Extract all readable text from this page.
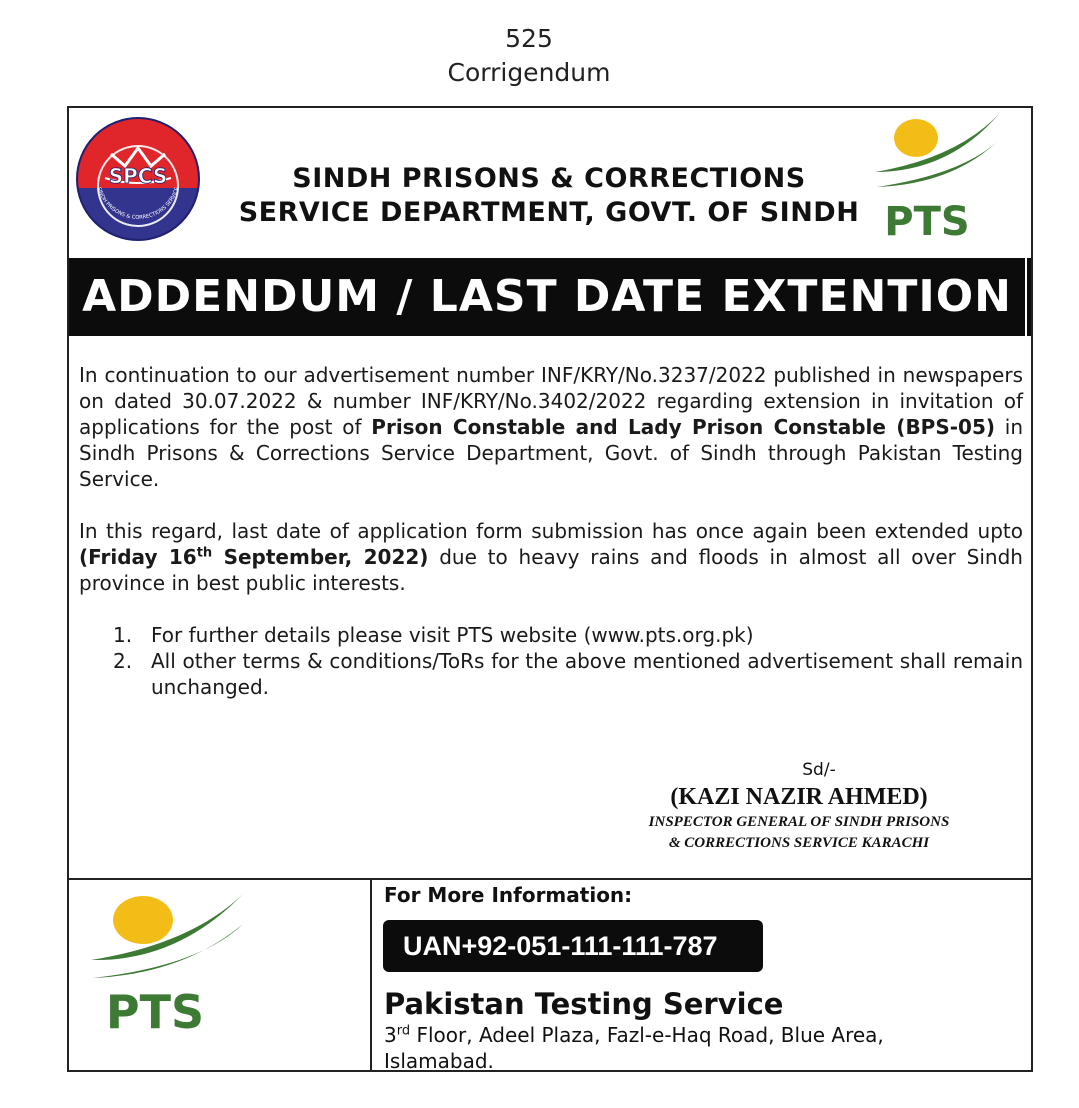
525
Corrigendum
SPCS
SINDH PRISONS & CORRECTIONS SERVICE	SINDH PRISONS & CORRECTIONS
SERVICE DEPARTMENT, GOVT. OF SINDH PTS
ADDENDUM / LAST DATE EXTENTION

In continuation to our advertisement number INF/KRY/No.3237/2022 published in newspapers on dated 30.07.2022 & number INF/KRY/No.3402/2022 regarding extension in invitation of applications for the post of Prison Constable and Lady Prison Constable (BPS-05) in Sindh Prisons & Corrections Service Department, Govt. of Sindh through Pakistan Testing Service.

In this regard, last date of application form submission has once again been extended upto (Friday 16th September, 2022) due to heavy rains and floods in almost all over Sindh province in best public interests.

1. For further details please visit PTS website (www.pts.org.pk)
2. All other terms & conditions/ToRs for the above mentioned advertisement shall remain unchanged.
Sd/-
(KAZI NAZIR AHMED)
INSPECTOR GENERAL OF SINDH PRISONS
& CORRECTIONS SERVICE KARACHI
PTS
For More Information:
UAN+92-051-111-111-787
Pakistan Testing Service
3rd Floor, Adeel Plaza, Fazl-e-Haq Road, Blue Area, Islamabad.
